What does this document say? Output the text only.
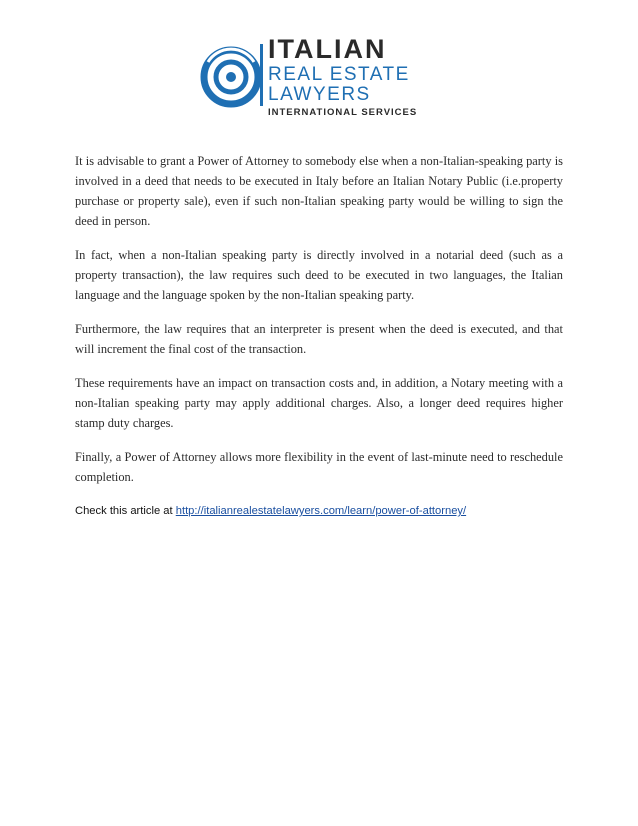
ITALIAN
REAL ESTATE
LAWYERS
INTERNATIONAL SERVICES

It is advisable to grant a Power of Attorney to somebody else when a non-Italian-speaking party is involved in a deed that needs to be executed in Italy before an Italian Notary Public (i.e.property purchase or property sale), even if such non-Italian speaking party would be willing to sign the deed in person.

In fact, when a non-Italian speaking party is directly involved in a notarial deed (such as a property transaction), the law requires such deed to be executed in two languages, the Italian language and the language spoken by the non-Italian speaking party.

Furthermore, the law requires that an interpreter is present when the deed is executed, and that will increment the final cost of the transaction.

These requirements have an impact on transaction costs and, in addition, a Notary meeting with a non-Italian speaking party may apply additional charges. Also, a longer deed requires higher stamp duty charges.

Finally, a Power of Attorney allows more flexibility in the event of last-minute need to reschedule completion.

Check this article at http://italianrealestatelawyers.com/learn/power-of-attorney/
